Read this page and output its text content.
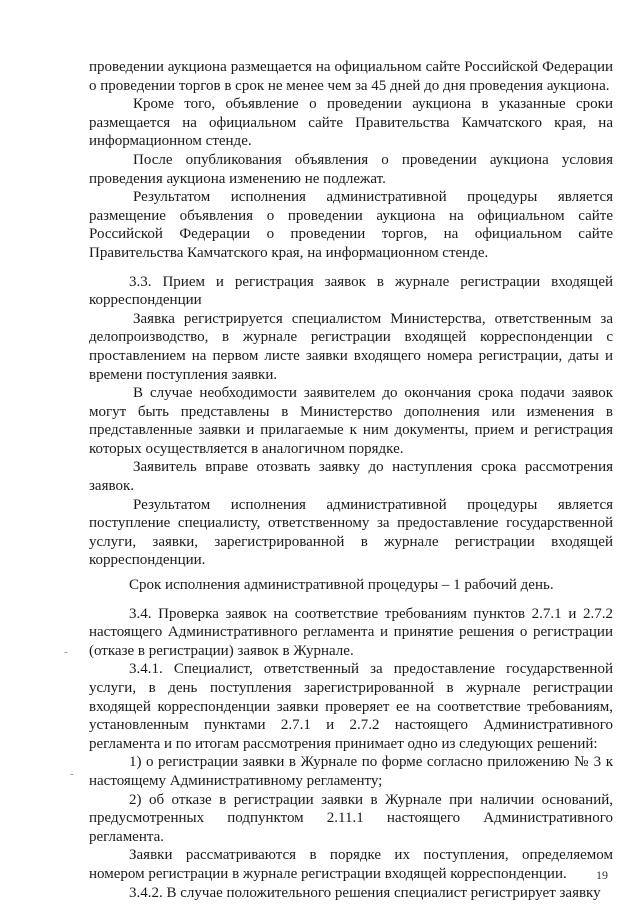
проведении аукциона размещается на официальном сайте Российской Федерации о проведении торгов в срок не менее чем за 45 дней до дня проведения аукциона.

Кроме того, объявление о проведении аукциона в указанные сроки размещается на официальном сайте Правительства Камчатского края, на информационном стенде.

После опубликования объявления о проведении аукциона условия проведения аукциона изменению не подлежат.

Результатом исполнения административной процедуры является размещение объявления о проведении аукциона на официальном сайте Российской Федерации о проведении торгов, на официальном сайте Правительства Камчатского края, на информационном стенде.

3.3. Прием и регистрация заявок в журнале регистрации входящей корреспонденции

Заявка регистрируется специалистом Министерства, ответственным за делопроизводство, в журнале регистрации входящей корреспонденции с проставлением на первом листе заявки входящего номера регистрации, даты и времени поступления заявки.

В случае необходимости заявителем до окончания срока подачи заявок могут быть представлены в Министерство дополнения или изменения в представленные заявки и прилагаемые к ним документы, прием и регистрация которых осуществляется в аналогичном порядке.

Заявитель вправе отозвать заявку до наступления срока рассмотрения заявок.

Результатом исполнения административной процедуры является поступление специалисту, ответственному за предоставление государственной услуги, заявки, зарегистрированной в журнале регистрации входящей корреспонденции.

Срок исполнения административной процедуры – 1 рабочий день.

3.4. Проверка заявок на соответствие требованиям пунктов 2.7.1 и 2.7.2 настоящего Административного регламента и принятие решения о регистрации (отказе в регистрации) заявок в Журнале.

3.4.1. Специалист, ответственный за предоставление государственной услуги, в день поступления зарегистрированной в журнале регистрации входящей корреспонденции заявки проверяет ее на соответствие требованиям, установленным пунктами 2.7.1 и 2.7.2 настоящего Административного регламента и по итогам рассмотрения принимает одно из следующих решений:

1) о регистрации заявки в Журнале по форме согласно приложению № 3 к настоящему Административному регламенту;

2) об отказе в регистрации заявки в Журнале при наличии оснований, предусмотренных подпунктом 2.11.1 настоящего Административного регламента.

Заявки рассматриваются в порядке их поступления, определяемом номером регистрации в журнале регистрации входящей корреспонденции.

3.4.2. В случае положительного решения специалист регистрирует заявку

-
-
19
